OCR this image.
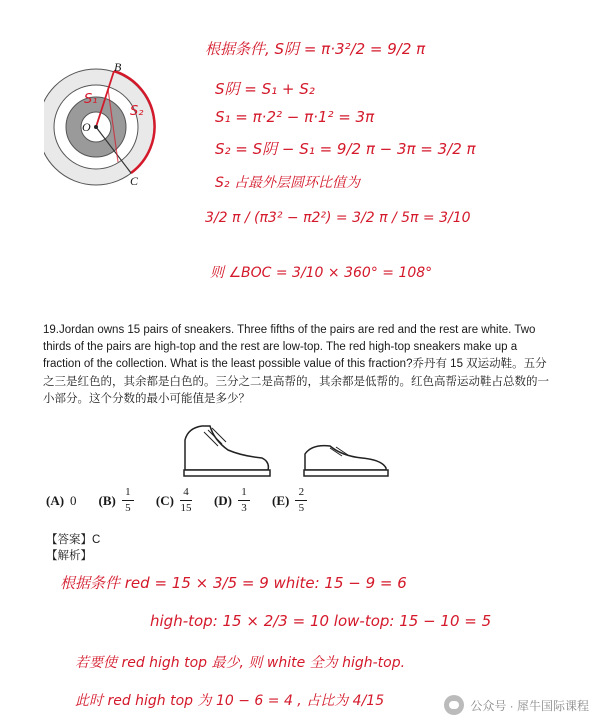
B
O
C
S₁
S₂
根据条件, S阴 = π·3²/2 = 9/2 π
S阴 = S₁ + S₂
S₁ = π·2² − π·1² = 3π
S₂ = S阴 − S₁ = 9/2 π − 3π = 3/2 π
S₂ 占最外层圆环比值为
3/2 π / (π3² − π2²) = 3/2 π / 5π = 3/10
则 ∠BOC = 3/10 × 360° = 108°
19.Jordan owns 15 pairs of sneakers. Three fifths of the pairs are red and the rest are white. Two thirds of the pairs are high-top and the rest are low-top. The red high-top sneakers make up a fraction of the collection. What is the least possible value of this fraction?乔丹有 15 双运动鞋。五分之三是红色的，其余都是白色的。三分之二是高帮的，其余都是低帮的。红色高帮运动鞋占总数的一小部分。这个分数的最小可能值是多少？
(A) 0 $(B) \frac{1}{5} (C) \frac{4}{15} (D) \frac{1}{3} (E) \frac{2}{5}$
【答案】C
【解析】
根据条件 red = 15 × 3/5 = 9 white: 15 − 9 = 6
high-top: 15 × 2/3 = 10 low-top: 15 − 10 = 5
若要使 red high top 最少, 则 white 全为 high-top.
此时 red high top 为 10 − 6 = 4 , 占比为 4/15	公众号 · 犀牛国际课程
